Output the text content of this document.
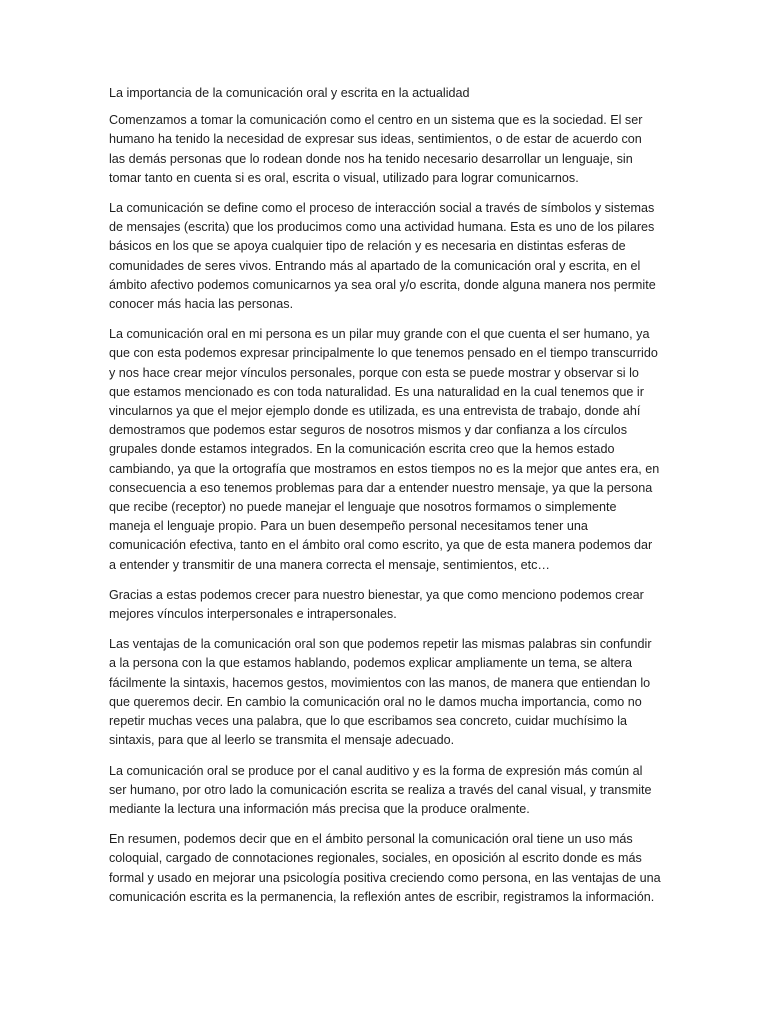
La importancia de la comunicación oral y escrita en la actualidad

Comenzamos a tomar la comunicación como el centro en un sistema que es la sociedad. El ser humano ha tenido la necesidad de expresar sus ideas, sentimientos, o de estar de acuerdo con las demás personas que lo rodean donde nos ha tenido necesario desarrollar un lenguaje, sin tomar tanto en cuenta si es oral, escrita o visual, utilizado para lograr comunicarnos.

La comunicación se define como el proceso de interacción social a través de símbolos y sistemas de mensajes (escrita) que los producimos como una actividad humana. Esta es uno de los pilares básicos en los que se apoya cualquier tipo de relación y es necesaria en distintas esferas de comunidades de seres vivos. Entrando más al apartado de la comunicación oral y escrita, en el ámbito afectivo podemos comunicarnos ya sea oral y/o escrita, donde alguna manera nos permite conocer más hacia las personas.

La comunicación oral en mi persona es un pilar muy grande con el que cuenta el ser humano, ya que con esta podemos expresar principalmente lo que tenemos pensado en el tiempo transcurrido y nos hace crear mejor vínculos personales, porque con esta se puede mostrar y observar si lo que estamos mencionado es con toda naturalidad. Es una naturalidad en la cual tenemos que ir vincularnos ya que el mejor ejemplo donde es utilizada, es una entrevista de trabajo, donde ahí demostramos que podemos estar seguros de nosotros mismos y dar confianza a los círculos grupales donde estamos integrados. En la comunicación escrita creo que la hemos estado cambiando, ya que la ortografía que mostramos en estos tiempos no es la mejor que antes era, en consecuencia a eso tenemos problemas para dar a entender nuestro mensaje, ya que la persona que recibe (receptor) no puede manejar el lenguaje que nosotros formamos o simplemente maneja el lenguaje propio. Para un buen desempeño personal necesitamos tener una comunicación efectiva, tanto en el ámbito oral como escrito, ya que de esta manera podemos dar a entender y transmitir de una manera correcta el mensaje, sentimientos, etc…

Gracias a estas podemos crecer para nuestro bienestar, ya que como menciono podemos crear mejores vínculos interpersonales e intrapersonales.

Las ventajas de la comunicación oral son que podemos repetir las mismas palabras sin confundir a la persona con la que estamos hablando, podemos explicar ampliamente un tema, se altera fácilmente la sintaxis, hacemos gestos, movimientos con las manos, de manera que entiendan lo que queremos decir. En cambio la comunicación oral no le damos mucha importancia, como no repetir muchas veces una palabra, que lo que escribamos sea concreto, cuidar muchísimo la sintaxis, para que al leerlo se transmita el mensaje adecuado.

La comunicación oral se produce por el canal auditivo y es la forma de expresión más común al ser humano, por otro lado la comunicación escrita se realiza a través del canal visual, y transmite mediante la lectura una información más precisa que la produce oralmente.

En resumen, podemos decir que en el ámbito personal la comunicación oral tiene un uso más coloquial, cargado de connotaciones regionales, sociales, en oposición al escrito donde es más formal y usado en mejorar una psicología positiva creciendo como persona, en las ventajas de una comunicación escrita es la permanencia, la reflexión antes de escribir, registramos la información.
